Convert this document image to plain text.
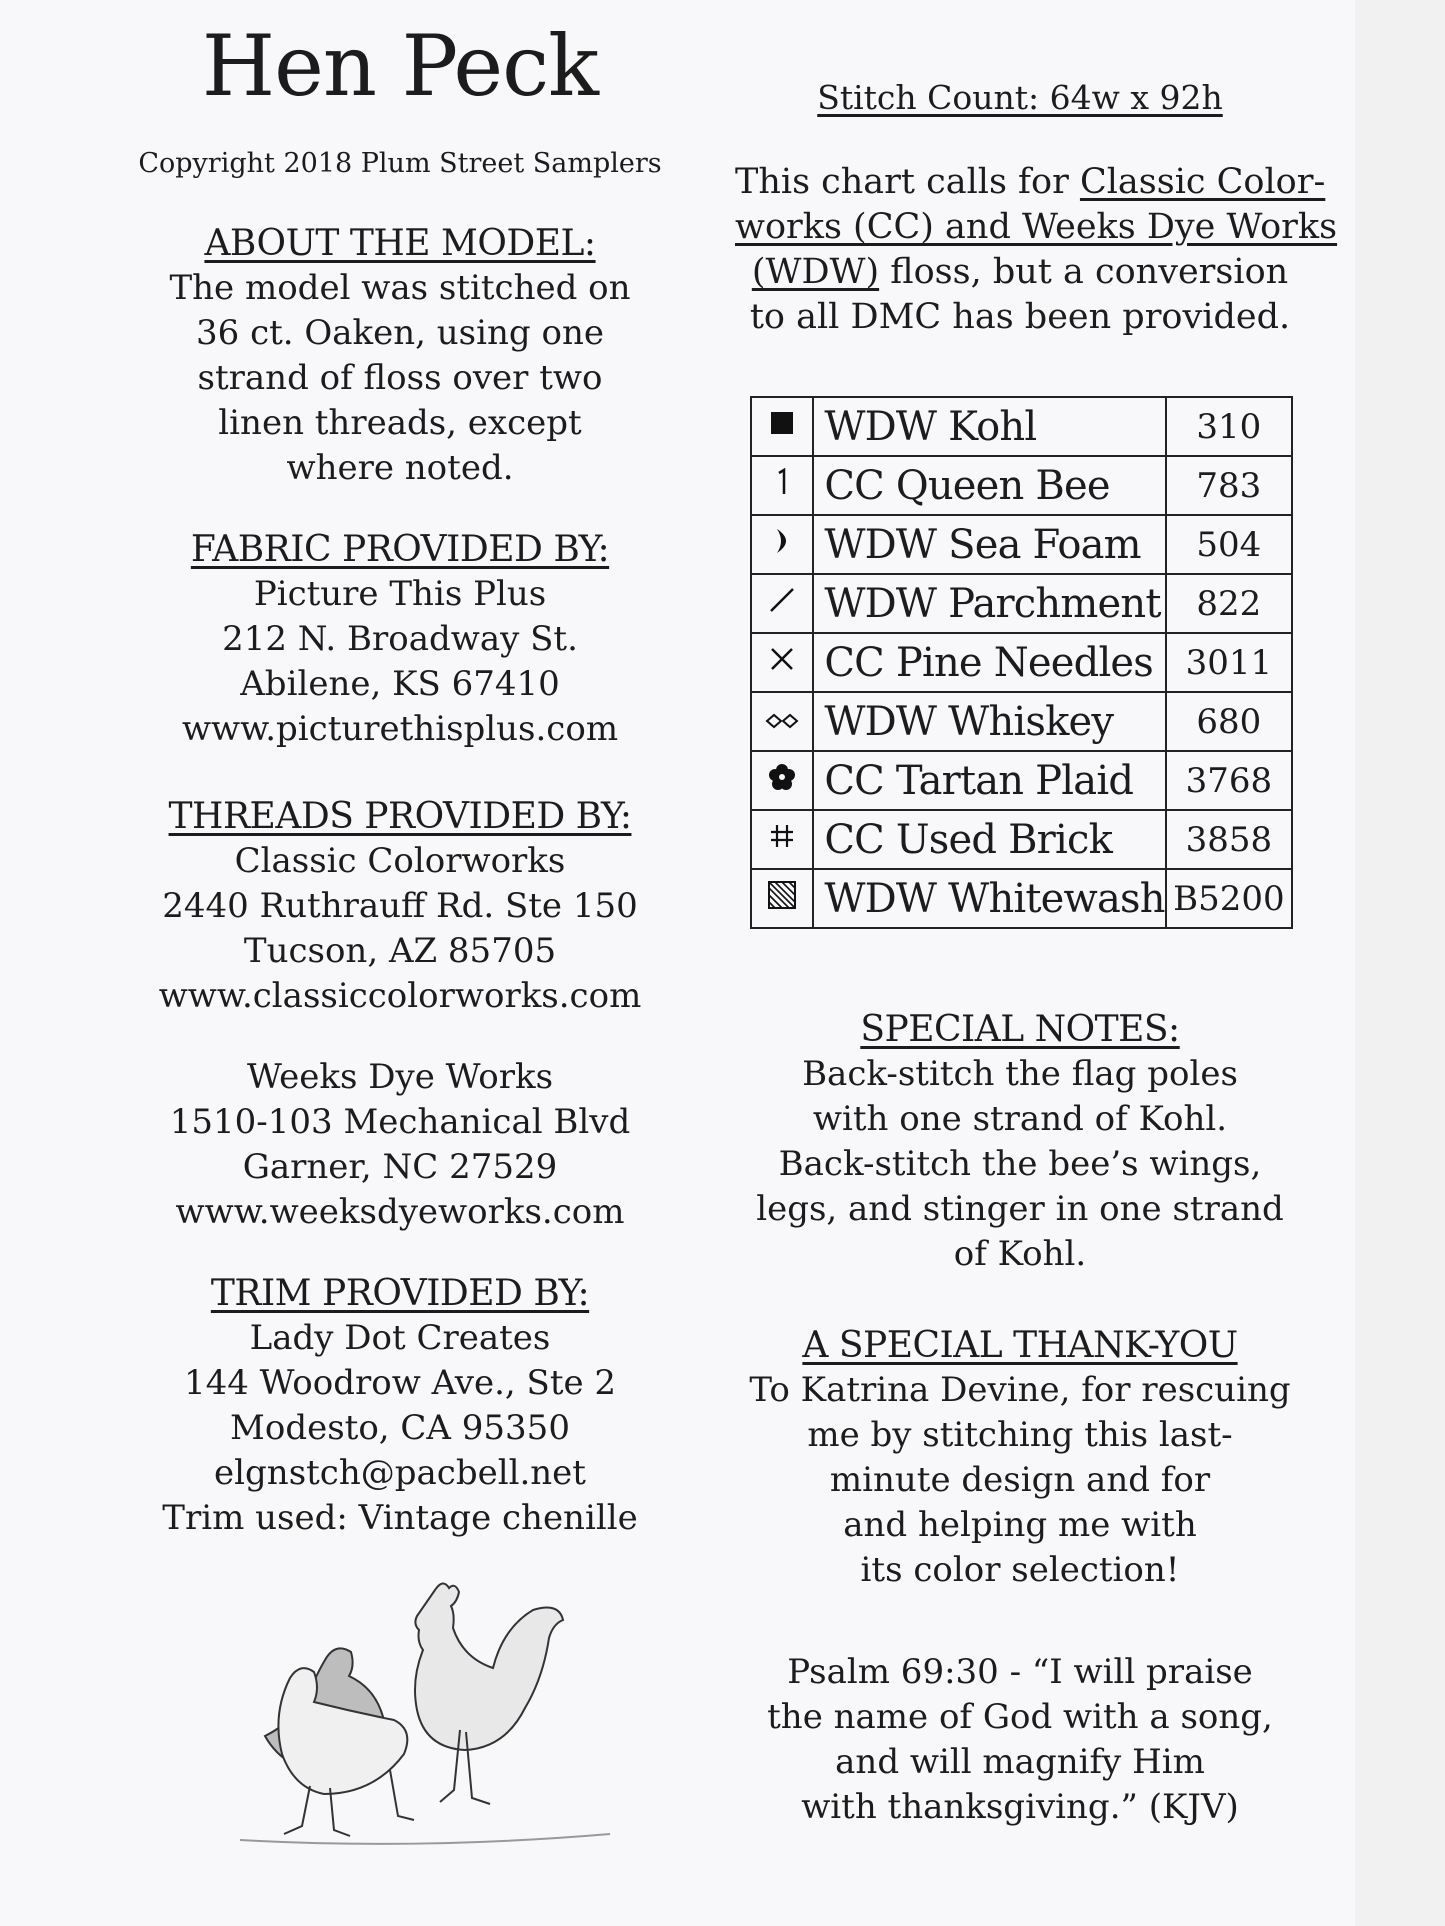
Hen Peck
Copyright 2018 Plum Street Samplers
ABOUT THE MODEL:
The model was stitched on
36 ct. Oaken, using one
strand of floss over two
linen threads, except
where noted.
FABRIC PROVIDED BY:
Picture This Plus
212 N. Broadway St.
Abilene, KS 67410
www.picturethisplus.com
THREADS PROVIDED BY:
Classic Colorworks
2440 Ruthrauff Rd. Ste 150
Tucson, AZ 85705
www.classiccolorworks.com
Weeks Dye Works
1510-103 Mechanical Blvd
Garner, NC 27529
www.weeksdyeworks.com
TRIM PROVIDED BY:
Lady Dot Creates
144 Woodrow Ave., Ste 2
Modesto, CA 95350
elgnstch@pacbell.net
Trim used: Vintage chenille
Stitch Count: 64w x 92h
This chart calls for Classic Color-
works (CC) and Weeks Dye Works
(WDW) floss, but a conversion
to all DMC has been provided.
	WDW Kohl	310
	CC Queen Bee	783
	WDW Sea Foam	504
	WDW Parchment	822
	CC Pine Needles	3011
	WDW Whiskey	680
	CC Tartan Plaid	3768
	CC Used Brick	3858
	WDW Whitewash	B5200
SPECIAL NOTES:
Back-stitch the flag poles
with one strand of Kohl.
Back-stitch the bee’s wings,
legs, and stinger in one strand
of Kohl.
A SPECIAL THANK-YOU
To Katrina Devine, for rescuing
me by stitching this last-
minute design and for
and helping me with
its color selection!
Psalm 69:30 - “I will praise
the name of God with a song,
and will magnify Him
with thanksgiving.” (KJV)
